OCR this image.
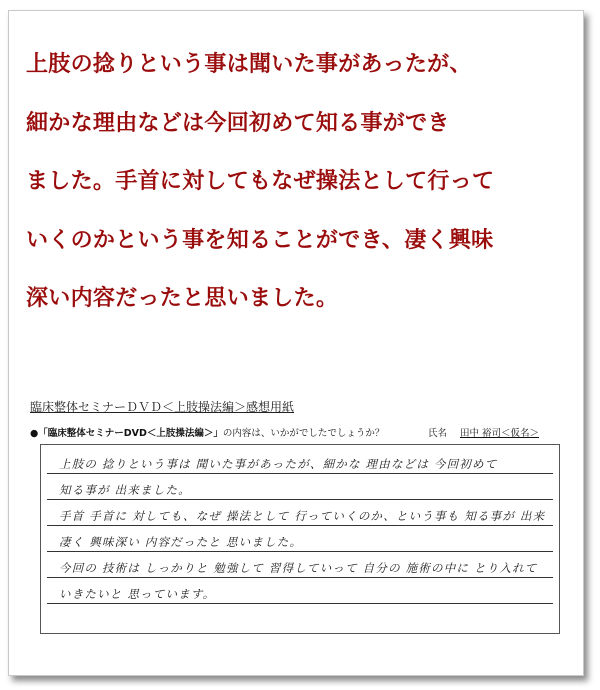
上肢の捻りという事は聞いた事があったが、
細かな理由などは今回初めて知る事ができ
ました。手首に対してもなぜ操法として行って
いくのかという事を知ることができ、凄く興味
深い内容だったと思いました。
臨床整体セミナーＤＶＤ＜上肢操法編＞感想用紙
●「臨床整体セミナーDVD＜上肢操法編＞」の内容は、いかがでしたでしょうか？	氏名 田中 裕司＜仮名＞
上肢の 捻りという事は 聞いた事があったが、細かな 理由などは 今回初めて
知る事が 出来ました。
手首 手首に 対しても、なぜ 操法として 行っていくのか、という事も 知る事が 出来
凄く 興味深い 内容だったと 思いました。
今回の 技術は しっかりと 勉強して 習得していって 自分の 施術の中に とり入れて
いきたいと 思っています。
